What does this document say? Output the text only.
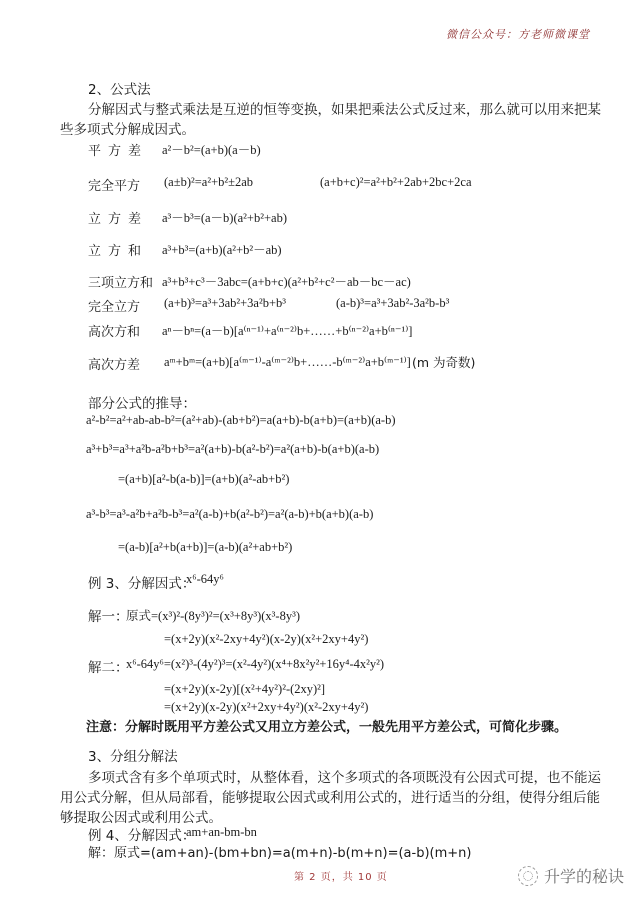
微信公众号：方老师微课堂
2、公式法
分解因式与整式乘法是互逆的恒等变换，如果把乘法公式反过来，那么就可以用来把某
些多项式分解成因式。
平方差 a²－b²=(a+b)(a－b)
完全平方 (a±b)²=a²+b²±2ab	(a+b+c)²=a²+b²+2ab+2bc+2ca
立方差 a³－b³=(a－b)(a²+b²+ab)
立方和 a³+b³=(a+b)(a²+b²－ab)
三项立方和 a³+b³+c³－3abc=(a+b+c)(a²+b²+c²－ab－bc－ac)
完全立方 (a+b)³=a³+3ab²+3a²b+b³	(a-b)³=a³+3ab²-3a²b-b³
高次方和 aⁿ－bⁿ=(a－b)[a⁽ⁿ⁻¹⁾+a⁽ⁿ⁻²⁾b+……+b⁽ⁿ⁻²⁾a+b⁽ⁿ⁻¹⁾]
高次方差 aᵐ+bᵐ=(a+b)[a⁽ᵐ⁻¹⁾-a⁽ᵐ⁻²⁾b+……-b⁽ᵐ⁻²⁾a+b⁽ᵐ⁻¹⁾] (m 为奇数)
部分公式的推导：
a²-b²=a²+ab-ab-b²=(a²+ab)-(ab+b²)=a(a+b)-b(a+b)=(a+b)(a-b)
a³+b³=a³+a²b-a²b+b³=a²(a+b)-b(a²-b²)=a²(a+b)-b(a+b)(a-b)
=(a+b)[a²-b(a-b)]=(a+b)(a²-ab+b²)
a³-b³=a³-a²b+a²b-b³=a²(a-b)+b(a²-b²)=a²(a-b)+b(a+b)(a-b)
=(a-b)[a²+b(a+b)]=(a-b)(a²+ab+b²)
例 3、分解因式：
x⁶-64y⁶
解一：
原式=(x³)²-(8y³)²=(x³+8y³)(x³-8y³)
=(x+2y)(x²-2xy+4y²)(x-2y)(x²+2xy+4y²)
解二：
x⁶-64y⁶=(x²)³-(4y²)³=(x²-4y²)(x⁴+8x²y²+16y⁴-4x²y²)
=(x+2y)(x-2y)[(x²+4y²)²-(2xy)²]
=(x+2y)(x-2y)(x²+2xy+4y²)(x²-2xy+4y²)
注意：分解时既用平方差公式又用立方差公式，一般先用平方差公式，可简化步骤。
3、分组分解法
多项式含有多个单项式时，从整体看，这个多项式的各项既没有公因式可提，也不能运
用公式分解，但从局部看，能够提取公因式或利用公式的，进行适当的分组，使得分组后能
够提取公因式或利用公式。
例 4、分解因式：
am+an-bm-bn
解：原式=(am+an)-(bm+bn)=a(m+n)-b(m+n)=(a-b)(m+n)
第 2 页，共 10 页	升学的秘诀
